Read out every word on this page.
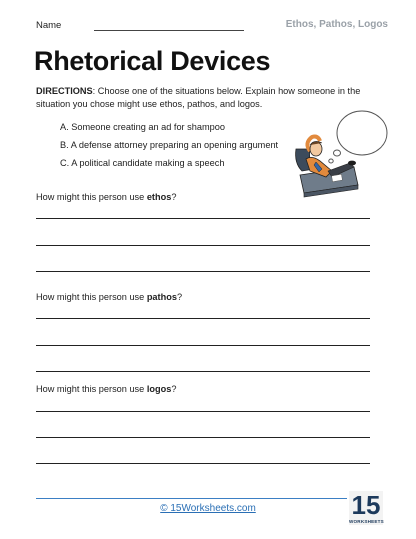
Name	Ethos, Pathos, Logos
Rhetorical Devices
DIRECTIONS: Choose one of the situations below. Explain how someone in the situation you chose might use ethos, pathos, and logos.
A. Someone creating an ad for shampoo
B. A defense attorney preparing an opening argument
C. A political candidate making a speech
How might this person use ethos?
How might this person use pathos?
How might this person use logos?
© 15Worksheets.com	15
WORKSHEETS
